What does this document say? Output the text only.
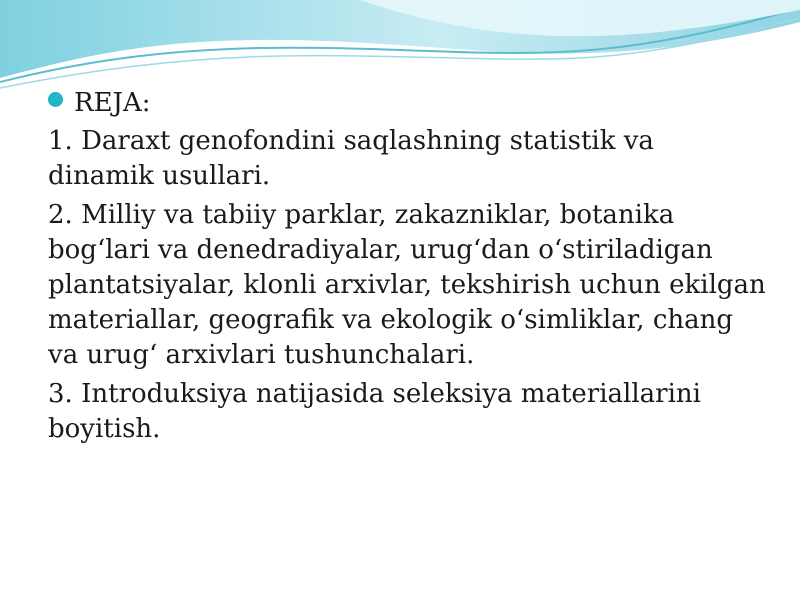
REJA:

1. Daraxt genofondini saqlashning statistik va dinamik usullari.

2. Milliy va tabiiy parklar, zakazniklar, botanika bog‘lari va denedradiyalar, urug‘dan o‘stiriladigan plantatsiyalar, klonli arxivlar, tekshirish uchun ekilgan materiallar, geografik va ekologik o‘simliklar, chang va urug‘ arxivlari tushunchalari.

3. Introduksiya natijasida seleksiya materiallarini boyitish.
